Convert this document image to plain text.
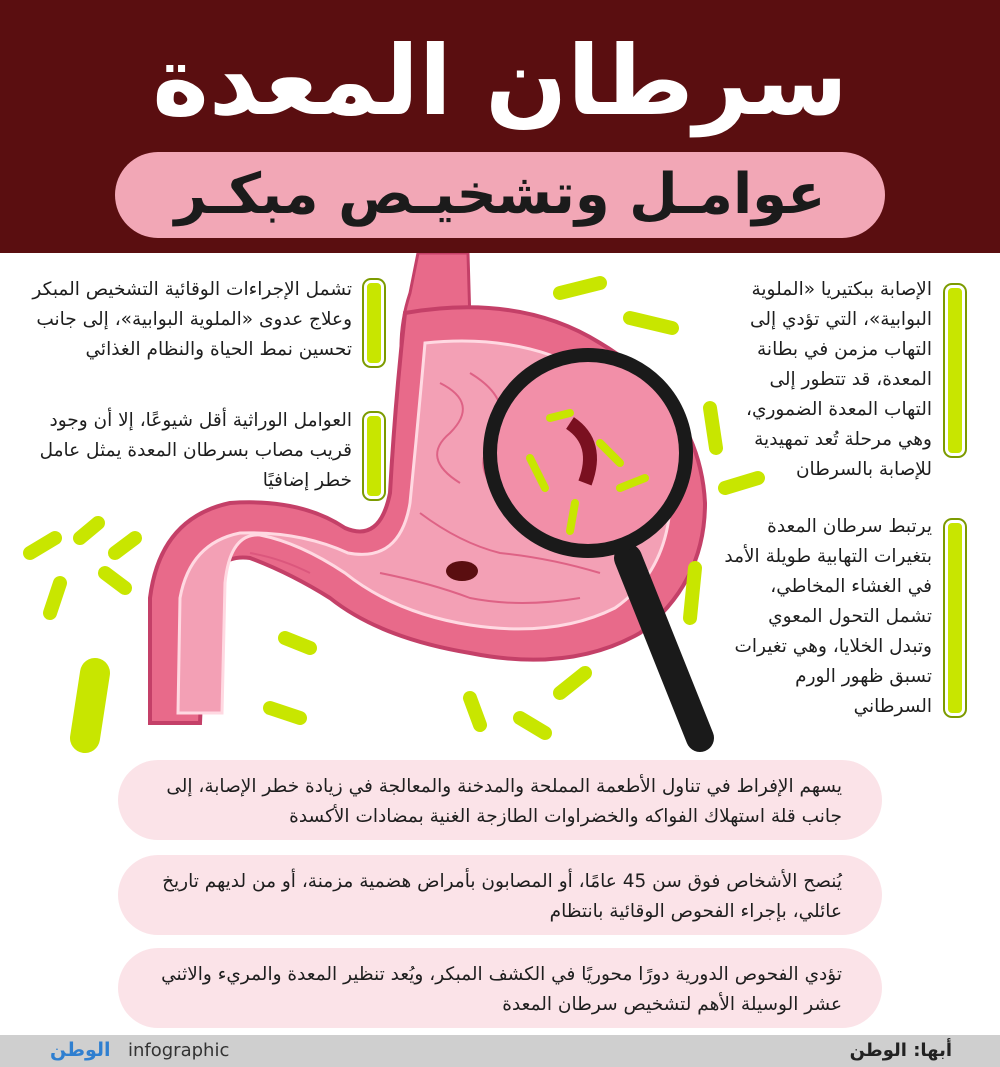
سرطان المعدة
عوامـل وتشخيـص مبكـر
الإصابة ببكتيريا «الملوية البوابية»، التي تؤدي إلى التهاب مزمن في بطانة المعدة، قد تتطور إلى التهاب المعدة الضموري، وهي مرحلة تُعد تمهيدية للإصابة بالسرطان
يرتبط سرطان المعدة بتغيرات التهابية طويلة الأمد في الغشاء المخاطي، تشمل التحول المعوي وتبدل الخلايا، وهي تغيرات تسبق ظهور الورم السرطاني
تشمل الإجراءات الوقائية التشخيص المبكر وعلاج عدوى «الملوية البوابية»، إلى جانب تحسين نمط الحياة والنظام الغذائي
العوامل الوراثية أقل شيوعًا، إلا أن وجود قريب مصاب بسرطان المعدة يمثل عامل خطر إضافيًا
يسهم الإفراط في تناول الأطعمة المملحة والمدخنة والمعالجة في زيادة خطر الإصابة، إلى جانب قلة استهلاك الفواكه والخضراوات الطازجة الغنية بمضادات الأكسدة
يُنصح الأشخاص فوق سن 45 عامًا، أو المصابون بأمراض هضمية مزمنة، أو من لديهم تاريخ عائلي، بإجراء الفحوص الوقائية بانتظام
تؤدي الفحوص الدورية دورًا محوريًا في الكشف المبكر، ويُعد تنظير المعدة والمريء والاثني عشر الوسيلة الأهم لتشخيص سرطان المعدة
الوطن infographic	أبها: الوطن
